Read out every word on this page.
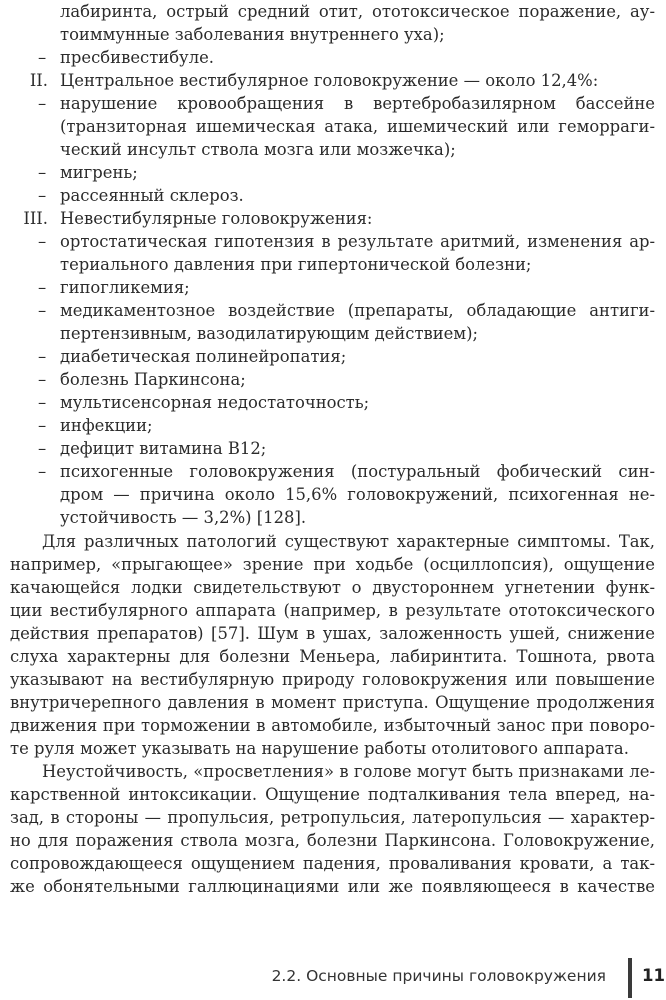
лабиринта, острый средний отит, ототоксическое поражение, ау-
тоиммунные заболевания внутреннего уха);
– пресбивестибуле.
II. Центральное вестибулярное головокружение — около 12,4%:
– нарушение кровообращения в вертебробазилярном бассейне
(транзиторная ишемическая атака, ишемический или геморраги-
ческий инсульт ствола мозга или мозжечка);
– мигрень;
– рассеянный склероз.
III. Невестибулярные головокружения:
– ортостатическая гипотензия в результате аритмий, изменения ар-
териального давления при гипертонической болезни;
– гипогликемия;
– медикаментозное воздействие (препараты, обладающие антиги-
пертензивным, вазодилатирующим действием);
– диабетическая полинейропатия;
– болезнь Паркинсона;
– мультисенсорная недостаточность;
– инфекции;
– дефицит витамина В12;
– психогенные головокружения (постуральный фобический син-
дром — причина около 15,6% головокружений, психогенная не-
устойчивость — 3,2%) [128].
Для различных патологий существуют характерные симптомы. Так,
например, «прыгающее» зрение при ходьбе (осциллопсия), ощущение
качающейся лодки свидетельствуют о двустороннем угнетении функ-
ции вестибулярного аппарата (например, в результате ототоксического
действия препаратов) [57]. Шум в ушах, заложенность ушей, снижение
слуха характерны для болезни Меньера, лабиринтита. Тошнота, рвота
указывают на вестибулярную природу головокружения или повышение
внутричерепного давления в момент приступа. Ощущение продолжения
движения при торможении в автомобиле, избыточный занос при поворо-
те руля может указывать на нарушение работы отолитового аппарата.
Неустойчивость, «просветления» в голове могут быть признаками ле-
карственной интоксикации. Ощущение подталкивания тела вперед, на-
зад, в стороны — пропульсия, ретропульсия, латеропульсия — характер-
но для поражения ствола мозга, болезни Паркинсона. Головокружение,
сопровождающееся ощущением падения, проваливания кровати, а так-
же обонятельными галлюцинациями или же появляющееся в качестве
2.2. Основные причины головокружения 11
